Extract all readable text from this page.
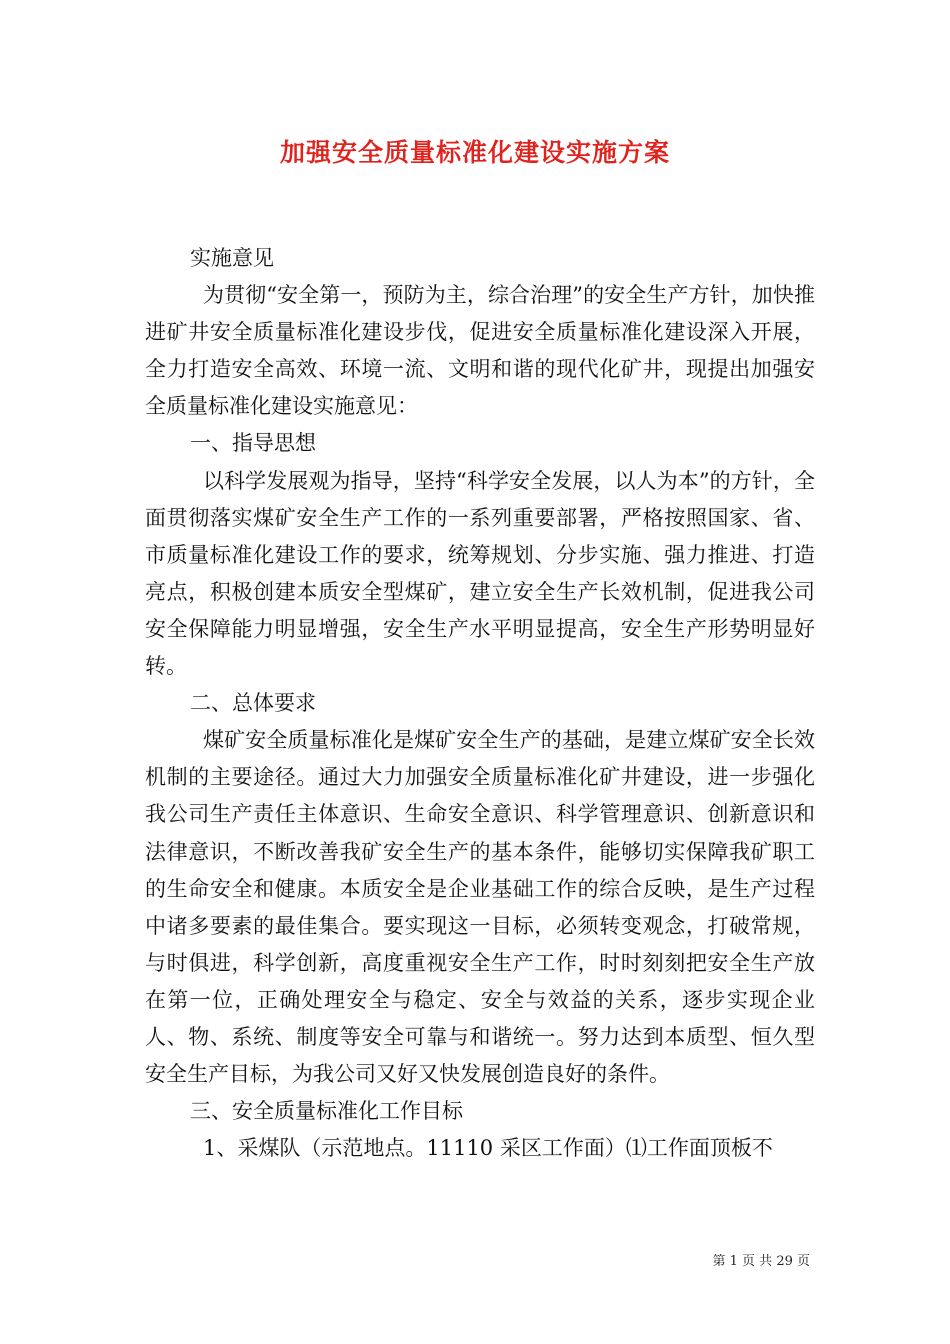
加强安全质量标准化建设实施方案

实施意见

为贯彻“安全第一，预防为主，综合治理”的安全生产方针，加快推进矿井安全质量标准化建设步伐，促进安全质量标准化建设深入开展，全力打造安全高效、环境一流、文明和谐的现代化矿井，现提出加强安全质量标准化建设实施意见：

一、指导思想

以科学发展观为指导，坚持“科学安全发展，以人为本”的方针，全面贯彻落实煤矿安全生产工作的一系列重要部署，严格按照国家、省、市质量标准化建设工作的要求，统筹规划、分步实施、强力推进、打造亮点，积极创建本质安全型煤矿，建立安全生产长效机制，促进我公司安全保障能力明显增强，安全生产水平明显提高，安全生产形势明显好转。

二、总体要求

煤矿安全质量标准化是煤矿安全生产的基础，是建立煤矿安全长效机制的主要途径。通过大力加强安全质量标准化矿井建设，进一步强化我公司生产责任主体意识、生命安全意识、科学管理意识、创新意识和法律意识，不断改善我矿安全生产的基本条件，能够切实保障我矿职工的生命安全和健康。本质安全是企业基础工作的综合反映，是生产过程中诸多要素的最佳集合。要实现这一目标，必须转变观念，打破常规，与时俱进，科学创新，高度重视安全生产工作，时时刻刻把安全生产放在第一位，正确处理安全与稳定、安全与效益的关系，逐步实现企业人、物、系统、制度等安全可靠与和谐统一。努力达到本质型、恒久型安全生产目标，为我公司又好又快发展创造良好的条件。

三、安全质量标准化工作目标

1、采煤队（示范地点。11110 采区工作面）⑴工作面顶板不

第 1 页 共 29 页
